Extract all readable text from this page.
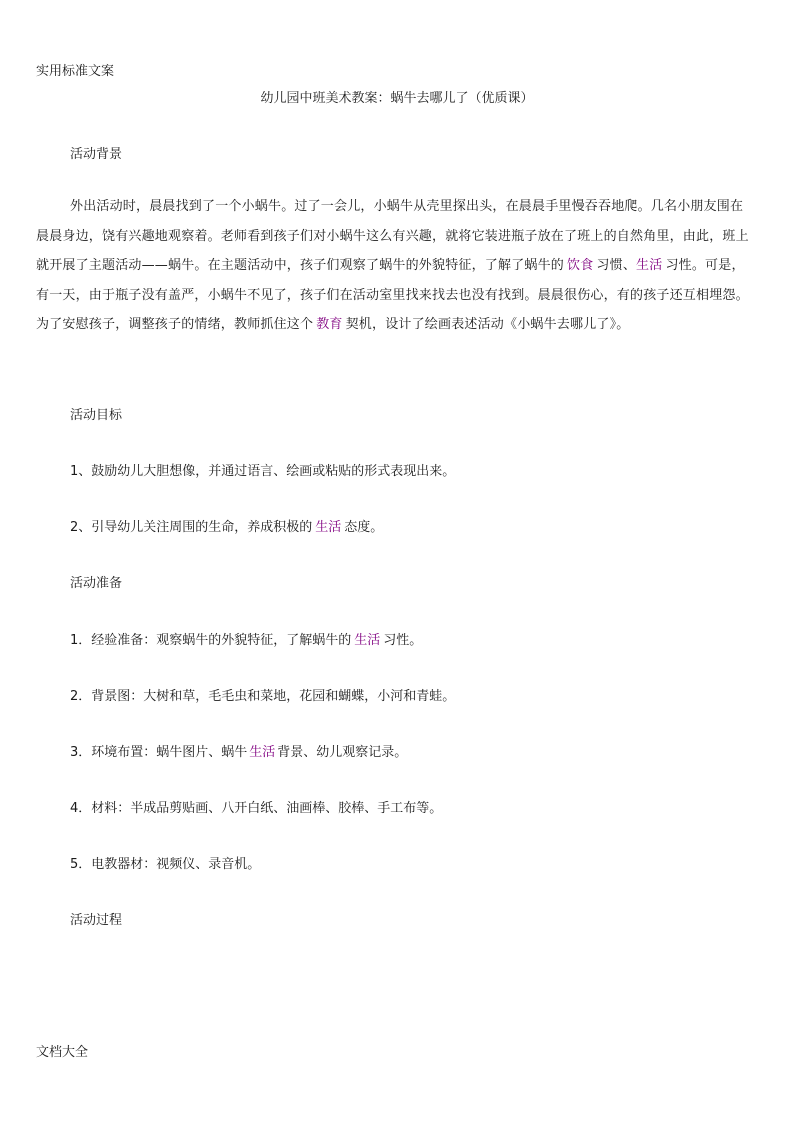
实用标准文案
幼儿园中班美术教案：蜗牛去哪儿了（优质课）
活动背景
外出活动时，晨晨找到了一个小蜗牛。过了一会儿，小蜗牛从壳里探出头，在晨晨手里慢吞吞地爬。几名小朋友围在晨晨身边，饶有兴趣地观察着。老师看到孩子们对小蜗牛这么有兴趣，就将它装进瓶子放在了班上的自然角里，由此，班上就开展了主题活动——蜗牛。在主题活动中，孩子们观察了蜗牛的外貌特征，了解了蜗牛的 饮食 习惯、生活 习性。可是，有一天，由于瓶子没有盖严，小蜗牛不见了，孩子们在活动室里找来找去也没有找到。晨晨很伤心，有的孩子还互相埋怨。为了安慰孩子，调整孩子的情绪，教师抓住这个 教育 契机，设计了绘画表述活动《小蜗牛去哪儿了》。
活动目标
1、鼓励幼儿大胆想像，并通过语言、绘画或粘贴的形式表现出来。
2、引导幼儿关注周围的生命，养成积极的 生活 态度。
活动准备
1．经验准备：观察蜗牛的外貌特征，了解蜗牛的 生活 习性。
2．背景图：大树和草，毛毛虫和菜地，花园和蝴蝶，小河和青蛙。
3．环境布置：蜗牛图片、蜗牛 生活 背景、幼儿观察记录。
4．材料：半成品剪贴画、八开白纸、油画棒、胶棒、手工布等。
5．电教器材：视频仪、录音机。
活动过程
文档大全
